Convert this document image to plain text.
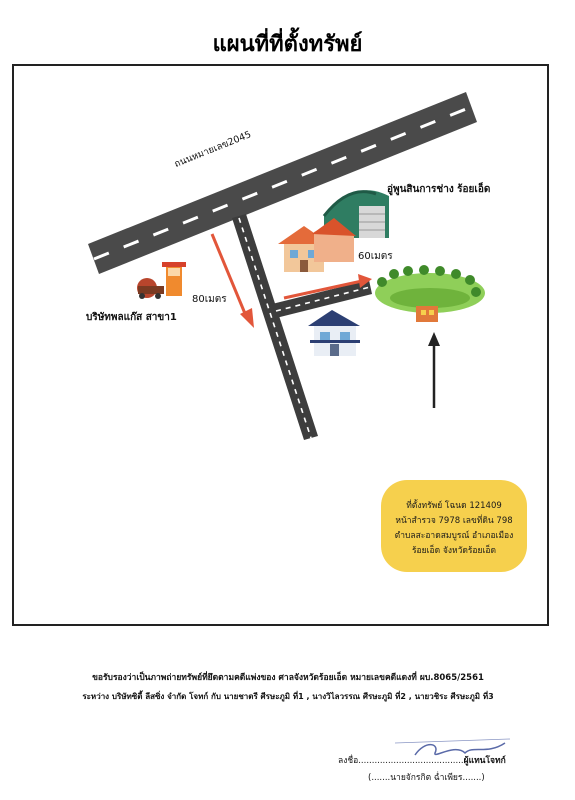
แผนที่ที่ตั้งทรัพย์
ถนนหมายเลข2045
อู่พูนสินการช่าง ร้อยเอ็ด
60เมตร
80เมตร
บริษัทพลแก๊ส สาขา1
ที่ตั้งทรัพย์ โฉนด 121409
หน้าสำรวจ 7978 เลขที่ดิน 798
ตำบลสะอาดสมบูรณ์ อำเภอเมือง
ร้อยเอ็ด จังหวัดร้อยเอ็ด
ขอรับรองว่าเป็นภาพถ่ายทรัพย์ที่ยึดตามคดีแพ่งของ ศาลจังหวัดร้อยเอ็ด หมายเลขคดีแดงที่ ผบ.8065/2561
ระหว่าง บริษัทซิตี้ ลีสซิ่ง จำกัด โจทก์ กับ นายชาตรี ศีรษะภูมิ ที่1 , นางวิไลวรรณ ศีรษะภูมิ ที่2 , นายวชิระ ศีรษะภูมิ ที่3
ลงชื่อ.......................................ผู้แทนโจทก์
(.......นายจักรกิต ฉ่ำเพียร.......)
